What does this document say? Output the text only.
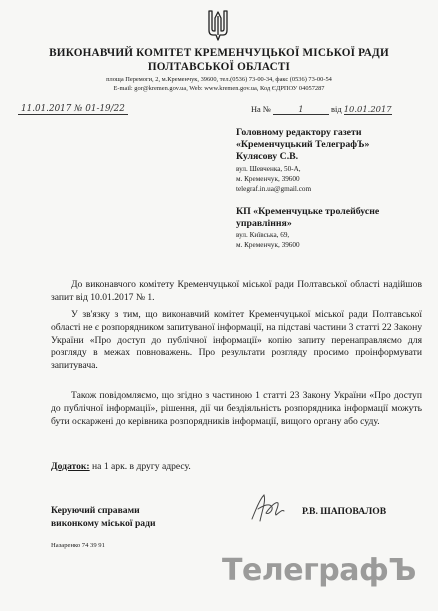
ВИКОНАВЧИЙ КОМІТЕТ КРЕМЕНЧУЦЬКОЇ МІСЬКОЇ РАДИ
ПОЛТАВСЬКОЇ ОБЛАСТІ
площа Перемоги, 2, м.Кременчук, 39600, тел.(0536) 73-00-34, факс (0536) 73-00-54
E-mail: gor@kremen.gov.ua, Web: www.kremen.gov.ua, Код ЄДРПОУ 04057287
11.01.2017 № 01-19/22	На №	1	від 10.01.2017
Головному редактору газети
«Кременчуцький ТелеграфЪ»
Кулясову С.В.
вул. Шевченка, 50-А,
м. Кременчук, 39600
telegraf.in.ua@gmail.com
КП «Кременчуцьке тролейбусне
управління»
вул. Київська, 69,
м. Кременчук, 39600
До виконавчого комітету Кременчуцької міської ради Полтавської області надійшов запит від 10.01.2017 № 1.
У зв'язку з тим, що виконавчий комітет Кременчуцької міської ради Полтавської області не є розпорядником запитуваної інформації, на підставі частини 3 статті 22 Закону України «Про доступ до публічної інформації» копію запиту перенаправляємо для розгляду в межах повноважень. Про результати розгляду просимо проінформувати запитувача.
Також повідомляємо, що згідно з частиною 1 статті 23 Закону України «Про доступ до публічної інформації», рішення, дії чи бездіяльність розпорядника інформації можуть бути оскаржені до керівника розпорядників інформації, вищого органу або суду.
Додаток: на 1 арк. в другу адресу.
Керуючий справами
виконкому міської ради
Р.В. ШАПОВАЛОВ
Назаренко 74 39 91
ТелеграфЪ
